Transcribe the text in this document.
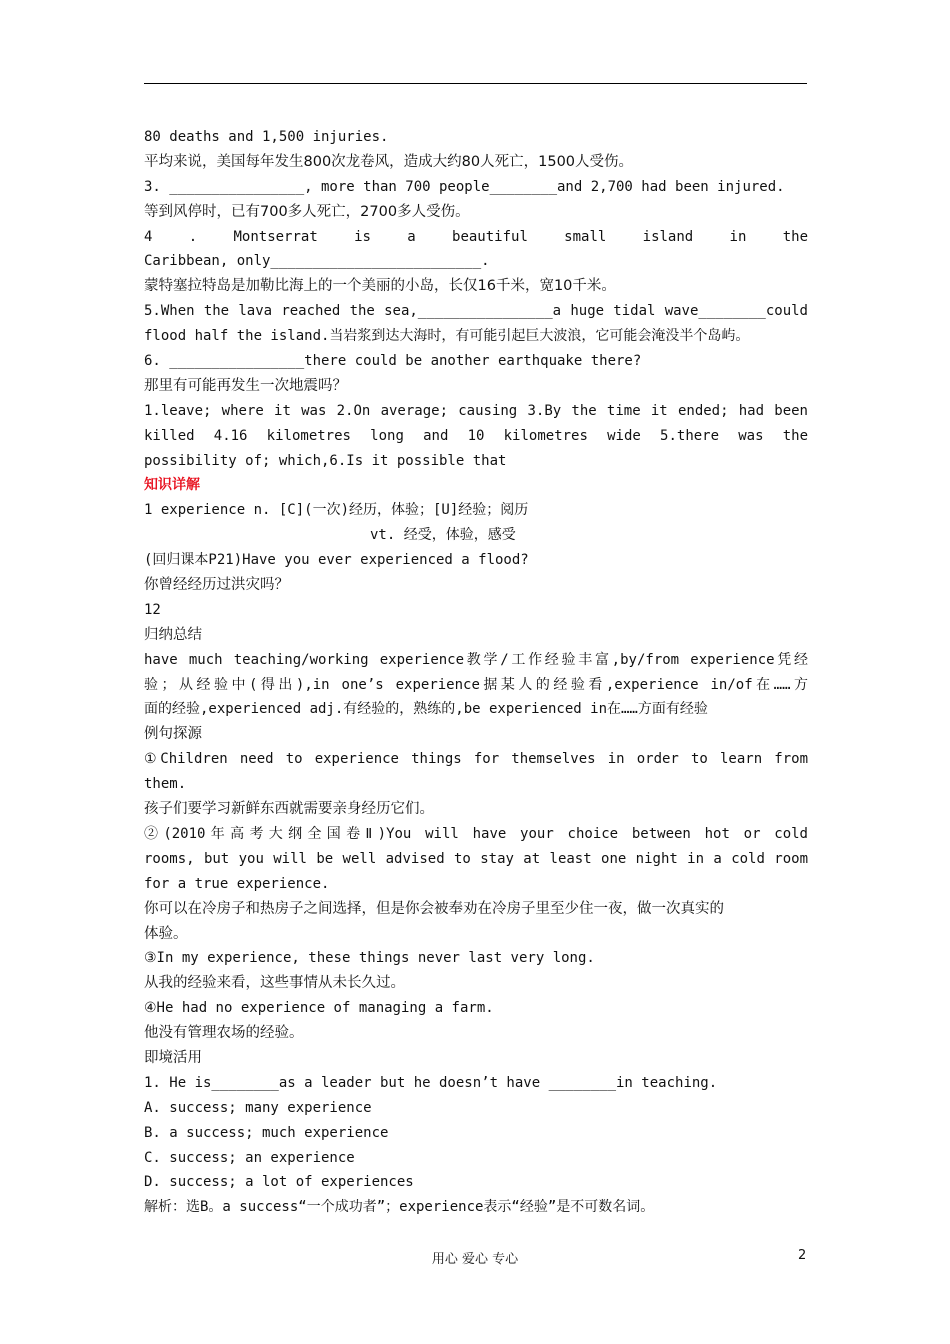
80 deaths and 1,500 injuries.
平均来说，美国每年发生800次龙卷风，造成大约80人死亡，1500人受伤。
3. ________________, more than 700 people________and 2,700 had been injured.
等到风停时，已有700多人死亡，2700多人受伤。
4 . Montserrat is a beautiful small island in the
Caribbean, only_________________________.
蒙特塞拉特岛是加勒比海上的一个美丽的小岛，长仅16千米，宽10千米。
5.When the lava reached the sea,________________a huge tidal wave________could
flood half the island.当岩浆到达大海时，有可能引起巨大波浪，它可能会淹没半个岛屿。
6. ________________there could be another earthquake there?
那里有可能再发生一次地震吗？
1.leave; where it was 2.On average; causing 3.By the time it ended; had been
killed 4.16 kilometres long and 10 kilometres wide 5.there was the
possibility of; which,6.Is it possible that
知识详解
1 experience n. [C](一次)经历，体验；[U]经验；阅历
vt. 经受，体验，感受
(回归课本P21)Have you ever experienced a flood?
你曾经经历过洪灾吗？
12
归纳总结
have much teaching/working experience教学/工作经验丰富,by/from experience凭经
验；从经验中(得出),in one’s experience据某人的经验看,experience in/of在……方
面的经验,experienced adj.有经验的，熟练的,be experienced in在……方面有经验
例句探源
①Children need to experience things for themselves in order to learn from
them.
孩子们要学习新鲜东西就需要亲身经历它们。
②(2010年高考大纲全国卷Ⅱ)You will have your choice between hot or cold
rooms, but you will be well advised to stay at least one night in a cold room
for a true experience.
你可以在冷房子和热房子之间选择，但是你会被奉劝在冷房子里至少住一夜，做一次真实的
体验。
③In my experience, these things never last very long.
从我的经验来看，这些事情从未长久过。
④He had no experience of managing a farm.
他没有管理农场的经验。
即境活用
1. He is________as a leader but he doesn’t have ________in teaching.
A. success; many experience
B. a success; much experience
C. success; an experience
D. success; a lot of experiences
解析：选B。a success“一个成功者”；experience表示“经验”是不可数名词。
用心 爱心 专心	2
